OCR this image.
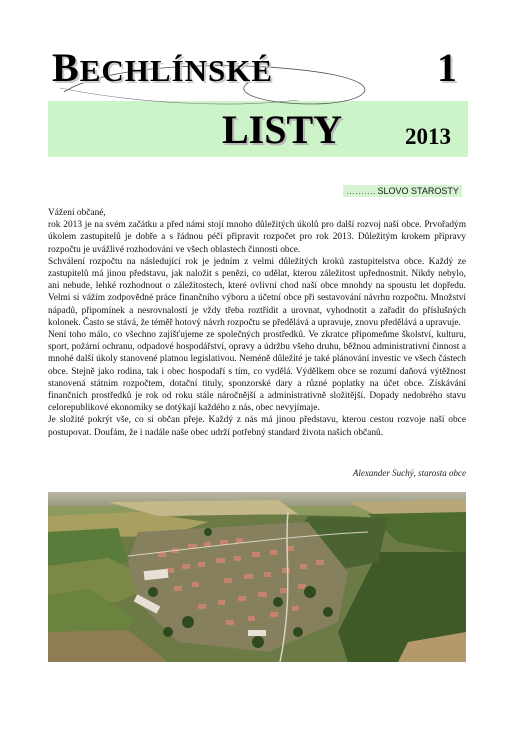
BECHLÍNSKÉ	1
LISTY	2013
………. SLOVO STAROSTY

Vážení občané,

rok 2013 je na svém začátku a před námi stojí mnoho důležitých úkolů pro další rozvoj naší obce. Prvořadým úkolem zastupitelů je dobře a s řádnou péčí připravit rozpočet pro rok 2013. Důležitým krokem přípravy rozpočtu je uvážlivé rozhodování ve všech oblastech činnosti obce.

Schválení rozpočtu na následující rok je jedním z velmi důležitých kroků zastupitelstva obce. Každý ze zastupitelů má jinou představu, jak naložit s penězi, co udělat, kterou záležitost upřednostnit. Nikdy nebylo, ani nebude, lehké rozhodnout o záležitostech, které ovlivní chod naší obce mnohdy na spoustu let dopředu. Velmi si vážím zodpovědné práce finančního výboru a účetní obce při sestavování návrhu rozpočtu. Množství nápadů, připomínek a nesrovnalostí je vždy třeba roztřídit a urovnat, vyhodnotit a zařadit do příslušných kolonek. Často se stává, že téměř hotový návrh rozpočtu se předělává a upravuje, znovu předělává a upravuje.

Není toho málo, co všechno zajišťujeme ze společných prostředků. Ve zkratce připomeňme školství, kulturu, sport, požární ochranu, odpadové hospodářství, opravy a údržbu všeho druhu, běžnou administrativní činnost a mnohé další úkoly stanovené platnou legislativou. Neméně důležité je také plánování investic ve všech částech obce. Stejně jako rodina, tak i obec hospodaří s tím, co vydělá. Výdělkem obce se rozumí daňová výtěžnost stanovená státním rozpočtem, dotační tituly, sponzorské dary a různé poplatky na účet obce. Získávání finančních prostředků je rok od roku stále náročnější a administrativně složitější. Dopady nedobrého stavu celorepublikové ekonomiky se dotýkají každého z nás, obec nevyjímaje.

Je složité pokrýt vše, co si občan přeje. Každý z nás má jinou představu, kterou cestou rozvoje naší obce postupovat. Doufám, že i nadále naše obec udrží potřebný standard života našich občanů.

Alexander Suchý, starosta obce
